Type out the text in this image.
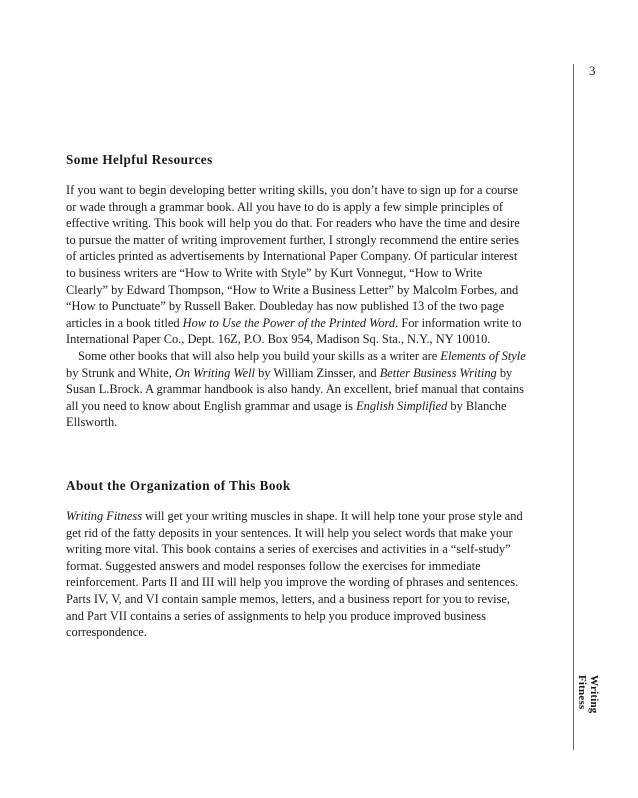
3
Writing Fitness
Some Helpful Resources

If you want to begin developing better writing skills, you don’t have to sign up for a course or wade through a grammar book. All you have to do is apply a few simple principles of effective writing. This book will help you do that. For readers who have the time and desire to pursue the matter of writing improvement further, I strongly recommend the entire series of articles printed as advertisements by International Paper Company. Of particular interest to business writers are “How to Write with Style” by Kurt Vonnegut, “How to Write Clearly” by Edward Thompson, “How to Write a Business Letter” by Malcolm Forbes, and “How to Punctuate” by Russell Baker. Doubleday has now published 13 of the two page articles in a book titled How to Use the Power of the Printed Word. For information write to International Paper Co., Dept. 16Z, P.O. Box 954, Madison Sq. Sta., N.Y., NY 10010.

Some other books that will also help you build your skills as a writer are Elements of Style by Strunk and White, On Writing Well by William Zinsser, and Better Business Writing by Susan L.Brock. A grammar handbook is also handy. An excellent, brief manual that contains all you need to know about English grammar and usage is English Simplified by Blanche Ellsworth.

About the Organization of This Book

Writing Fitness will get your writing muscles in shape. It will help tone your prose style and get rid of the fatty deposits in your sentences. It will help you select words that make your writing more vital. This book contains a series of exercises and activities in a “self-study” format. Suggested answers and model responses follow the exercises for immediate reinforcement. Parts II and III will help you improve the wording of phrases and sentences. Parts IV, V, and VI contain sample memos, letters, and a business report for you to revise, and Part VII contains a series of assignments to help you produce improved business correspondence.
